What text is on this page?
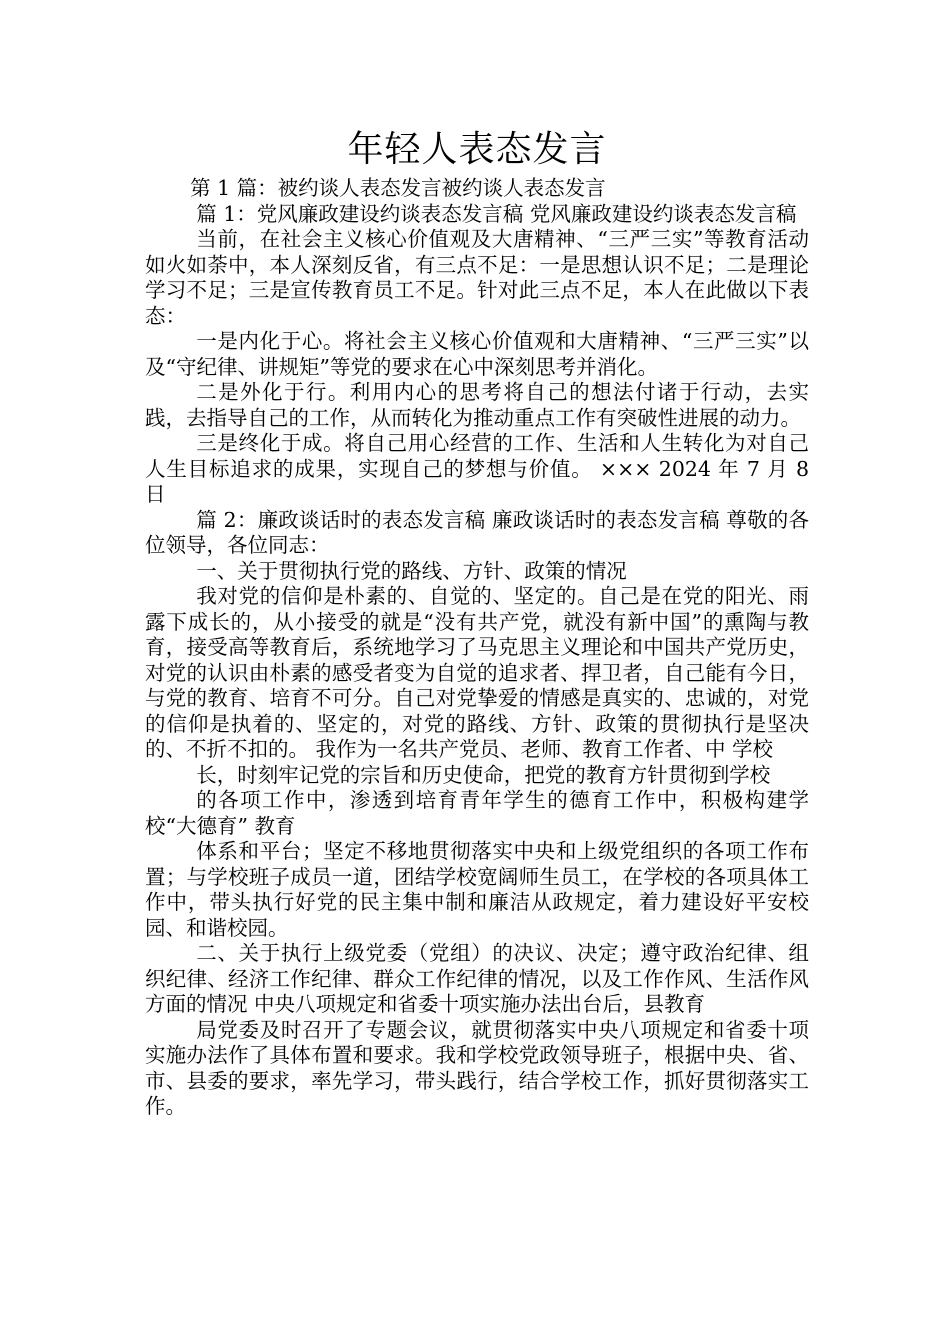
年轻人表态发言

第 1 篇：被约谈人表态发言被约谈人表态发言

篇 1：党风廉政建设约谈表态发言稿 党风廉政建设约谈表态发言稿

当前，在社会主义核心价值观及大唐精神、“三严三实”等教育活动如火如荼中，本人深刻反省，有三点不足：一是思想认识不足；二是理论学习不足；三是宣传教育员工不足。针对此三点不足，本人在此做以下表态：

一是内化于心。将社会主义核心价值观和大唐精神、“三严三实”以及“守纪律、讲规矩”等党的要求在心中深刻思考并消化。

二是外化于行。利用内心的思考将自己的想法付诸于行动，去实践，去指导自己的工作，从而转化为推动重点工作有突破性进展的动力。

三是终化于成。将自己用心经营的工作、生活和人生转化为对自己人生目标追求的成果，实现自己的梦想与价值。 ××× 2024 年 7 月 8 日

篇 2：廉政谈话时的表态发言稿 廉政谈话时的表态发言稿 尊敬的各位领导，各位同志：

一、关于贯彻执行党的路线、方针、政策的情况

我对党的信仰是朴素的、自觉的、坚定的。自己是在党的阳光、雨露下成长的，从小接受的就是“没有共产党，就没有新中国”的熏陶与教育，接受高等教育后，系统地学习了马克思主义理论和中国共产党历史，对党的认识由朴素的感受者变为自觉的追求者、捍卫者，自己能有今日，与党的教育、培育不可分。自己对党挚爱的情感是真实的、忠诚的，对党的信仰是执着的、坚定的，对党的路线、方针、政策的贯彻执行是坚决的、不折不扣的。 我作为一名共产党员、老师、教育工作者、中 学校

长，时刻牢记党的宗旨和历史使命，把党的教育方针贯彻到学校

的各项工作中，渗透到培育青年学生的德育工作中，积极构建学校“大德育” 教育

体系和平台；坚定不移地贯彻落实中央和上级党组织的各项工作布置；与学校班子成员一道，团结学校宽阔师生员工，在学校的各项具体工作中，带头执行好党的民主集中制和廉洁从政规定，着力建设好平安校园、和谐校园。

二、关于执行上级党委（党组）的决议、决定；遵守政治纪律、组织纪律、经济工作纪律、群众工作纪律的情况，以及工作作风、生活作风方面的情况 中央八项规定和省委十项实施办法出台后，县教育

局党委及时召开了专题会议，就贯彻落实中央八项规定和省委十项实施办法作了具体布置和要求。我和学校党政领导班子，根据中央、省、市、县委的要求，率先学习，带头践行，结合学校工作，抓好贯彻落实工作。
